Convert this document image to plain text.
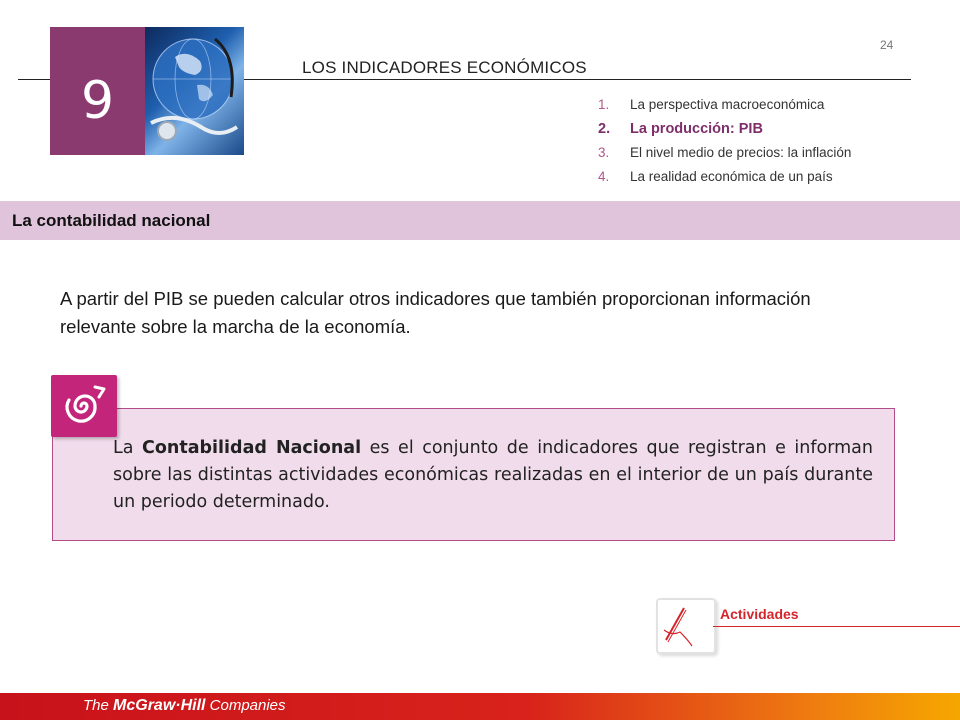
24
9
LOS INDICADORES ECONÓMICOS
1. La perspectiva macroeconómica
2. La producción: PIB
3. El nivel medio de precios: la inflación
4. La realidad económica de un país
La contabilidad nacional
A partir del PIB se pueden calcular otros indicadores que también proporcionan información relevante sobre la marcha de la economía.
La Contabilidad Nacional es el conjunto de indicadores que registran e informan sobre las distintas actividades económicas realizadas en el interior de un país durante un periodo determinado.
Actividades
The McGraw·Hill Companies
